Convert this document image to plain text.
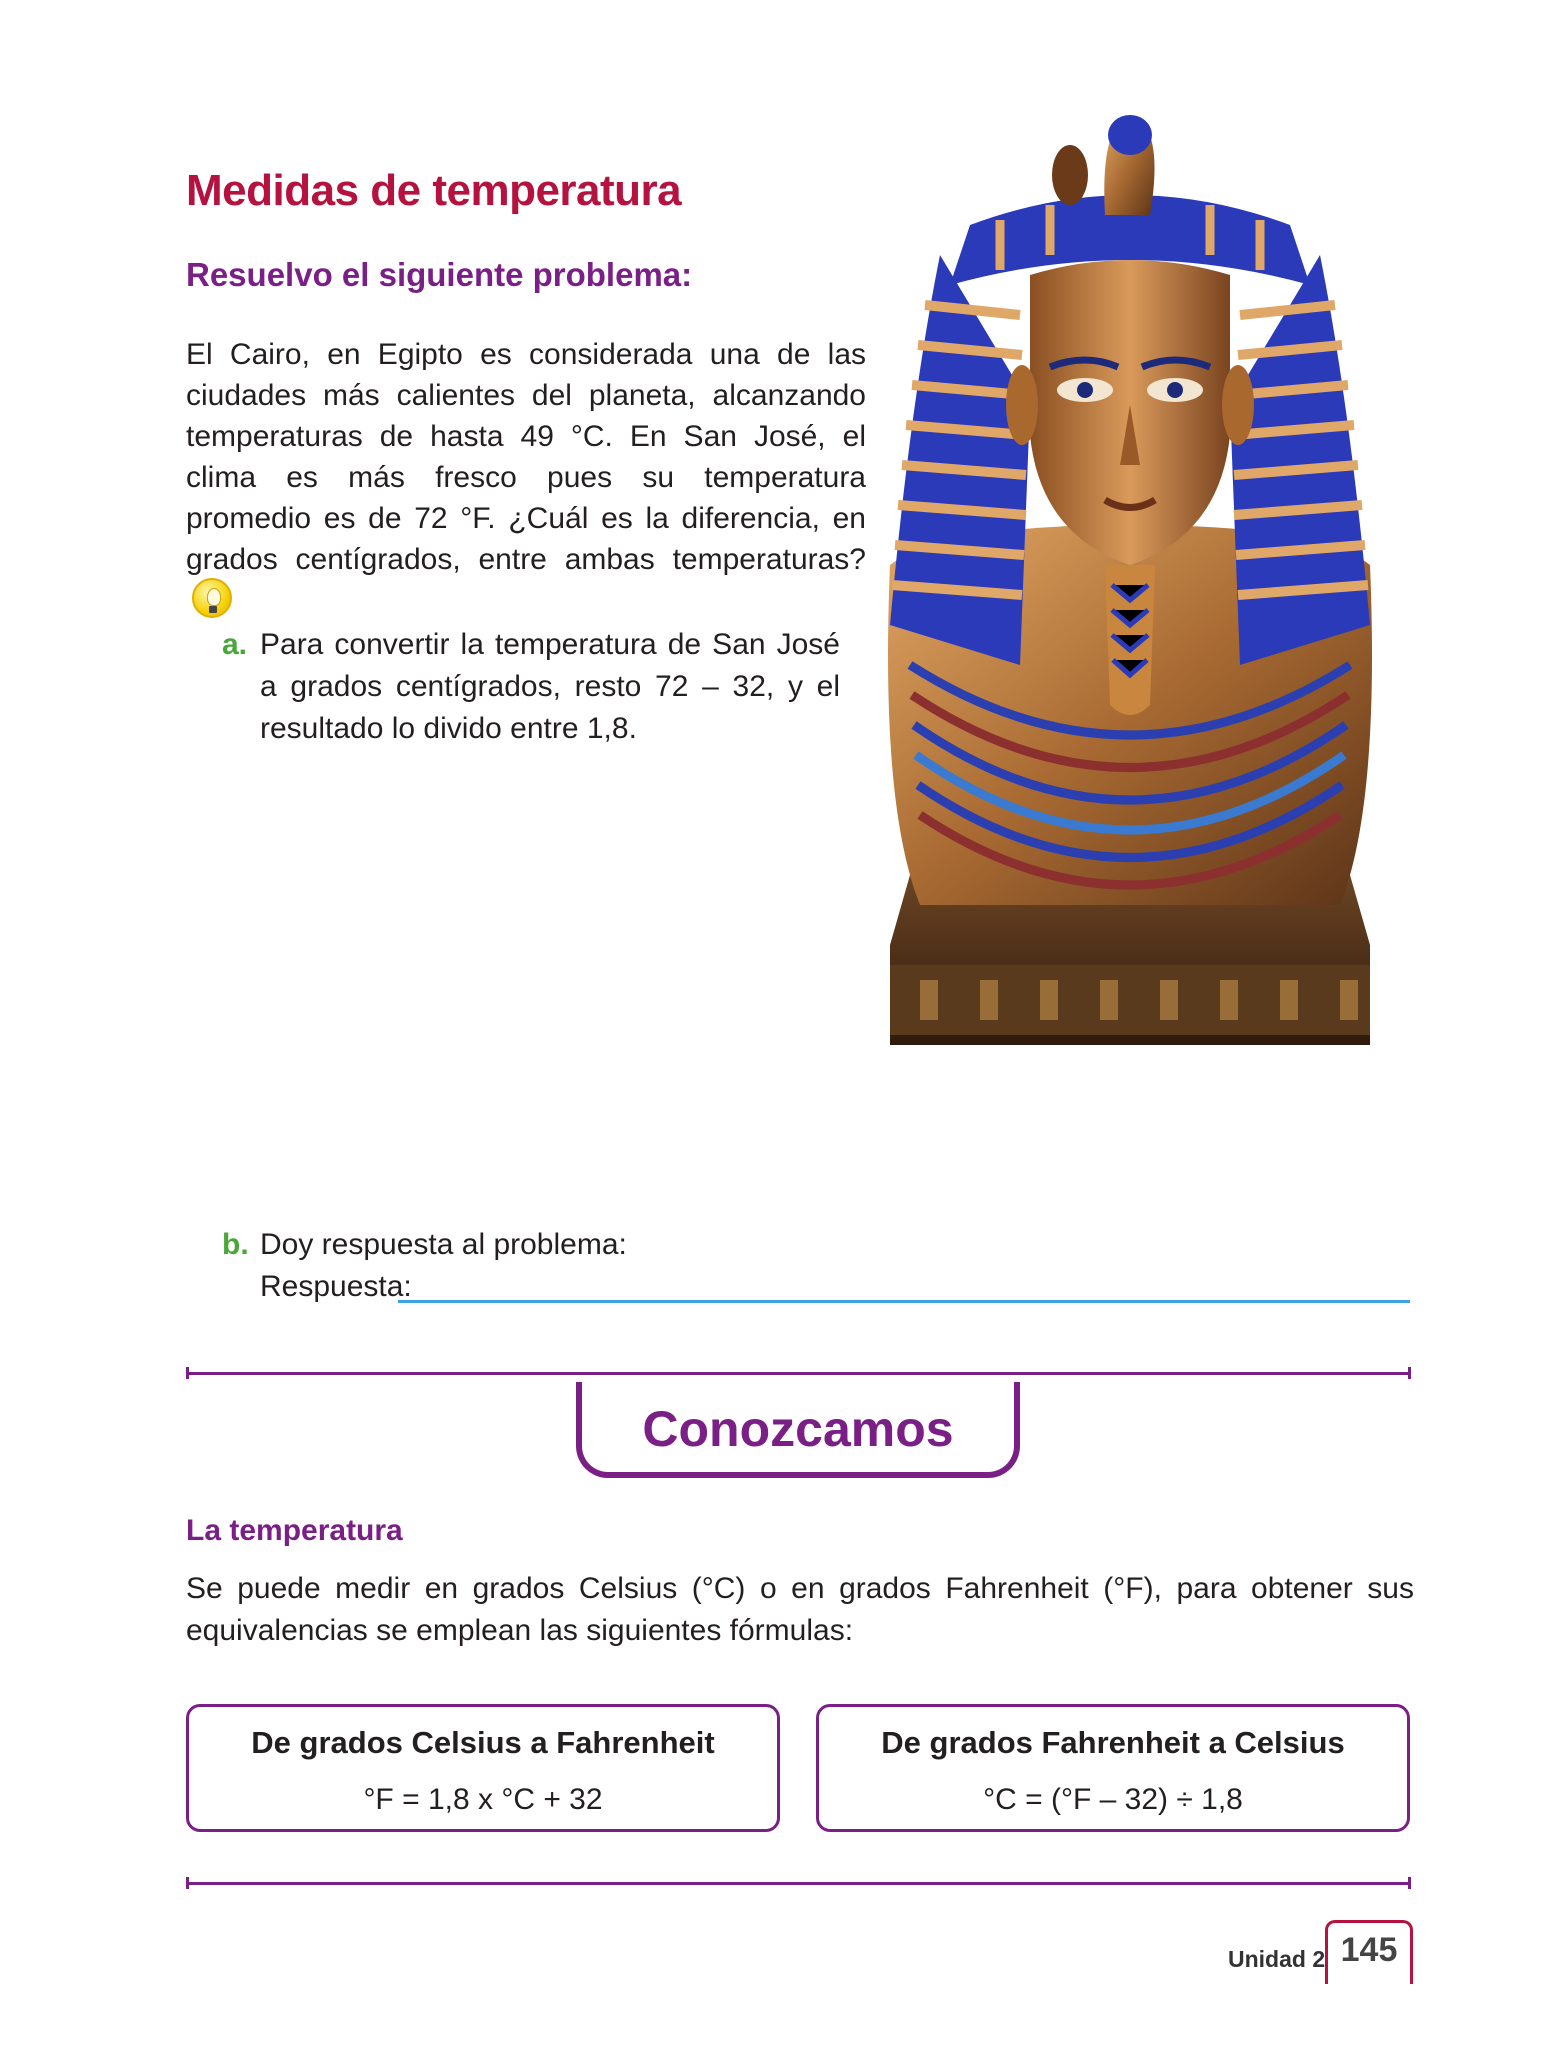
Medidas de temperatura
Resuelvo el siguiente problema:
El Cairo, en Egipto es considerada una de las ciudades más calientes del planeta, alcanzando temperaturas de hasta 49 °C. En San José, el clima es más fresco pues su temperatura promedio es de 72 °F. ¿Cuál es la diferencia, en grados centígrados, entre ambas temperaturas?
a. Para convertir la temperatura de San José a grados centígrados, resto 72 – 32, y el resultado lo divido entre 1,8.
b. Doy respuesta al problema:
Respuesta:
Conozcamos
La temperatura
Se puede medir en grados Celsius (°C) o en grados Fahrenheit (°F), para obtener sus equivalencias se emplean las siguientes fórmulas:
De grados Celsius a Fahrenheit
°F = 1,8 x °C + 32
De grados Fahrenheit a Celsius
°C = (°F – 32) ÷ 1,8
Unidad 2 145
